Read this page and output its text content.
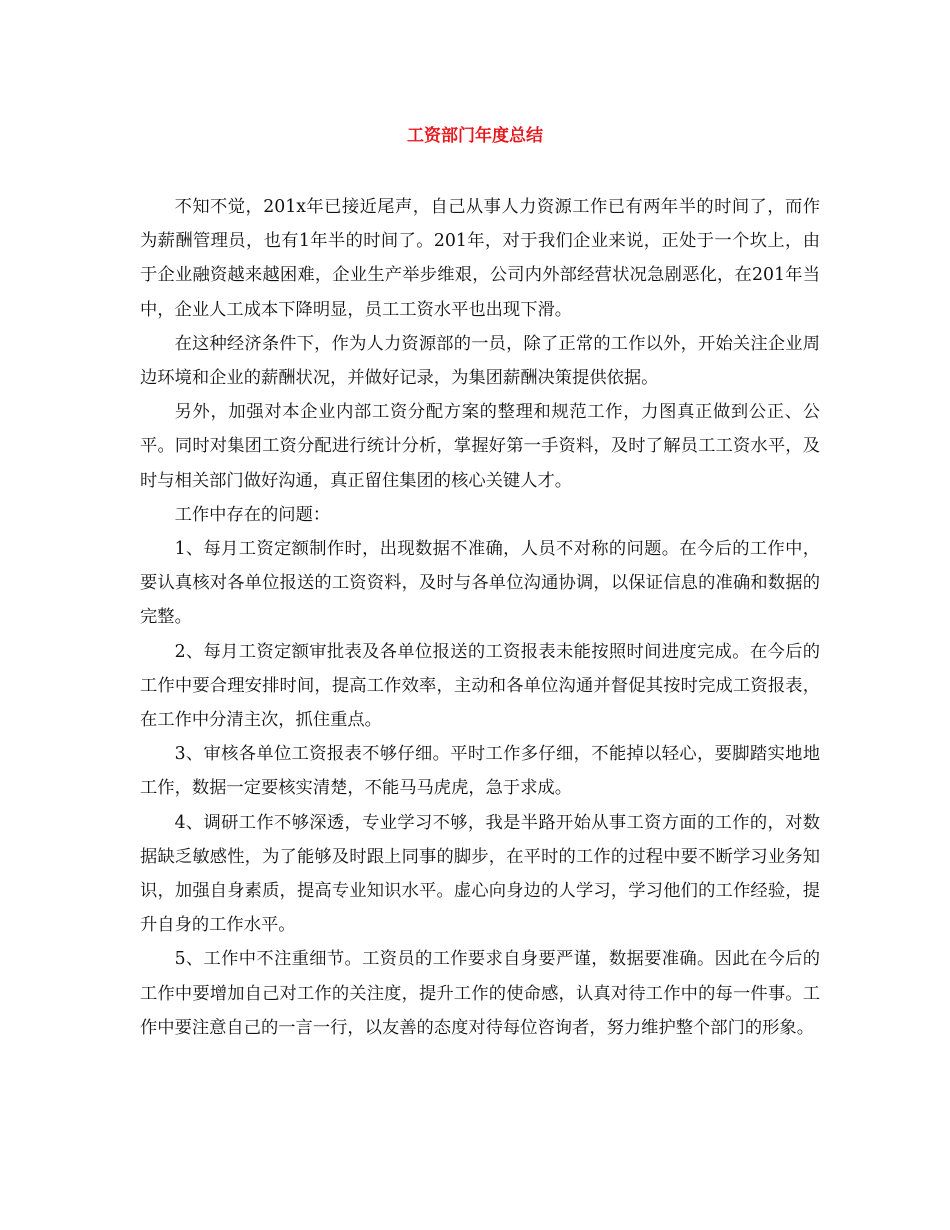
工资部门年度总结

不知不觉，201x年已接近尾声，自己从事人力资源工作已有两年半的时间了，而作为薪酬管理员，也有1年半的时间了。201年，对于我们企业来说，正处于一个坎上，由于企业融资越来越困难，企业生产举步维艰，公司内外部经营状况急剧恶化，在201年当中，企业人工成本下降明显，员工工资水平也出现下滑。

在这种经济条件下，作为人力资源部的一员，除了正常的工作以外，开始关注企业周边环境和企业的薪酬状况，并做好记录，为集团薪酬决策提供依据。

另外，加强对本企业内部工资分配方案的整理和规范工作，力图真正做到公正、公平。同时对集团工资分配进行统计分析，掌握好第一手资料，及时了解员工工资水平，及时与相关部门做好沟通，真正留住集团的核心关键人才。

工作中存在的问题：

1、每月工资定额制作时，出现数据不准确，人员不对称的问题。在今后的工作中，要认真核对各单位报送的工资资料，及时与各单位沟通协调，以保证信息的准确和数据的完整。

2、每月工资定额审批表及各单位报送的工资报表未能按照时间进度完成。在今后的工作中要合理安排时间，提高工作效率，主动和各单位沟通并督促其按时完成工资报表，在工作中分清主次，抓住重点。

3、审核各单位工资报表不够仔细。平时工作多仔细，不能掉以轻心，要脚踏实地地工作，数据一定要核实清楚，不能马马虎虎，急于求成。

4、调研工作不够深透，专业学习不够，我是半路开始从事工资方面的工作的，对数据缺乏敏感性，为了能够及时跟上同事的脚步，在平时的工作的过程中要不断学习业务知识，加强自身素质，提高专业知识水平。虚心向身边的人学习，学习他们的工作经验，提升自身的工作水平。

5、工作中不注重细节。工资员的工作要求自身要严谨，数据要准确。因此在今后的工作中要增加自己对工作的关注度，提升工作的使命感，认真对待工作中的每一件事。工作中要注意自己的一言一行，以友善的态度对待每位咨询者，努力维护整个部门的形象。
